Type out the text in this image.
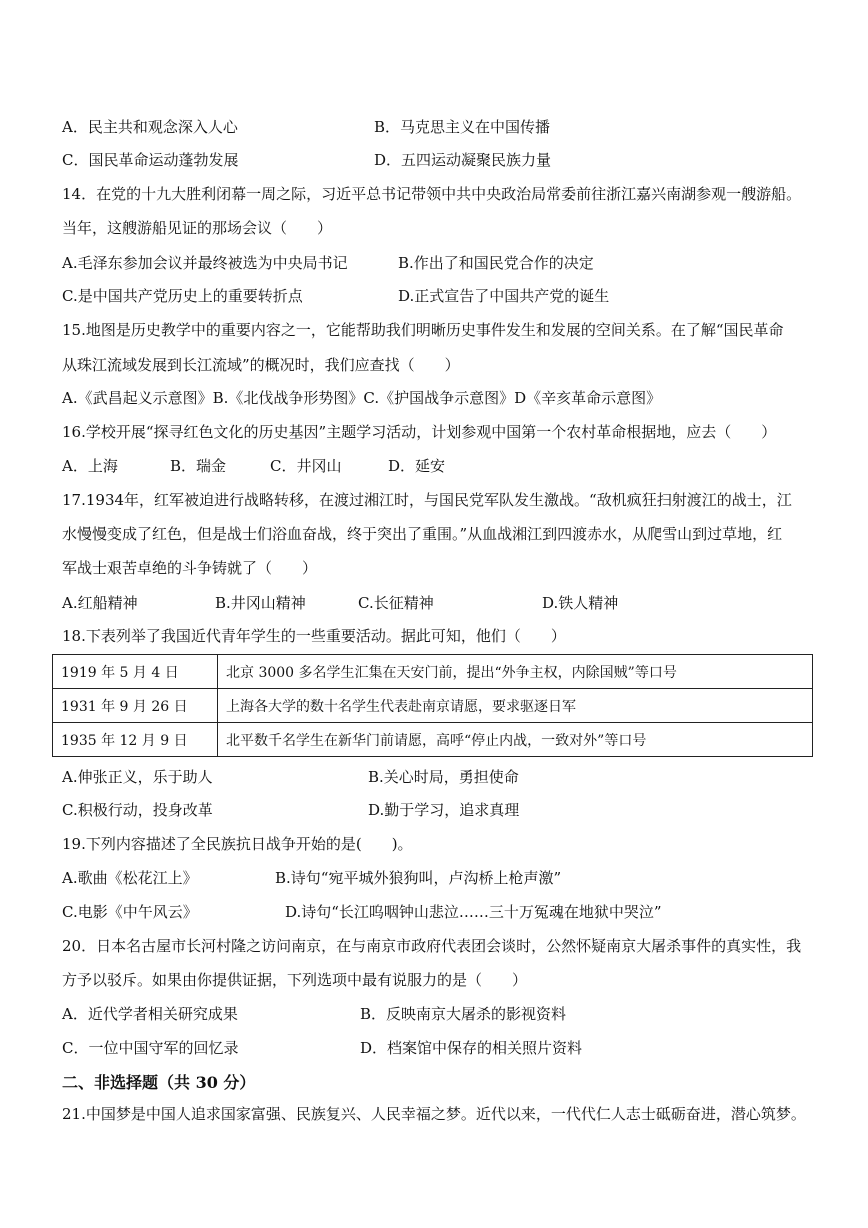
A．民主共和观念深入人心	B．马克思主义在中国传播
C．国民革命运动蓬勃发展	D．五四运动凝聚民族力量
14．在党的十九大胜利闭幕一周之际，习近平总书记带领中共中央政治局常委前往浙江嘉兴南湖参观一艘游船。
当年，这艘游船见证的那场会议（　　）
A.毛泽东参加会议并最终被选为中央局书记	B.作出了和国民党合作的决定
C.是中国共产党历史上的重要转折点	D.正式宣告了中国共产党的诞生
15.地图是历史教学中的重要内容之一，它能帮助我们明晰历史事件发生和发展的空间关系。在了解“国民革命
从珠江流域发展到长江流域”的概况时，我们应查找（　　）
A.《武昌起义示意图》B.《北伐战争形势图》C.《护国战争示意图》D《辛亥革命示意图》
16.学校开展“探寻红色文化的历史基因”主题学习活动，计划参观中国第一个农村革命根据地，应去（　　）
A．上海	B．瑞金	C．井冈山	D．延安
17.1934年，红军被迫进行战略转移，在渡过湘江时，与国民党军队发生激战。“敌机疯狂扫射渡江的战士，江
水慢慢变成了红色，但是战士们浴血奋战，终于突出了重围。”从血战湘江到四渡赤水，从爬雪山到过草地，红
军战士艰苦卓绝的斗争铸就了（　　）
A.红船精神	B.井冈山精神	C.长征精神	D.铁人精神
18.下表列举了我国近代青年学生的一些重要活动。据此可知，他们（　　）
1919 年 5 月 4 日	北京 3000 多名学生汇集在天安门前，提出“外争主权，内除国贼”等口号
1931 年 9 月 26 日	上海各大学的数十名学生代表赴南京请愿，要求驱逐日军
1935 年 12 月 9 日	北平数千名学生在新华门前请愿，高呼“停止内战，一致对外”等口号
A.伸张正义，乐于助人	B.关心时局，勇担使命
C.积极行动，投身改革	D.勤于学习，追求真理
19.下列内容描述了全民族抗日战争开始的是(　　)。
A.歌曲《松花江上》	B.诗句“宛平城外狼狗叫，卢沟桥上枪声激”
C.电影《中午风云》	D.诗句“长江呜咽钟山悲泣……三十万冤魂在地狱中哭泣”
20．日本名古屋市长河村隆之访问南京，在与南京市政府代表团会谈时，公然怀疑南京大屠杀事件的真实性，我
方予以驳斥。如果由你提供证据，下列选项中最有说服力的是（　　）
A．近代学者相关研究成果	B．反映南京大屠杀的影视资料
C．一位中国守军的回忆录	D．档案馆中保存的相关照片资料
二、非选择题（共 30 分）
21.中国梦是中国人追求国家富强、民族复兴、人民幸福之梦。近代以来，一代代仁人志士砥砺奋进，潜心筑梦。
